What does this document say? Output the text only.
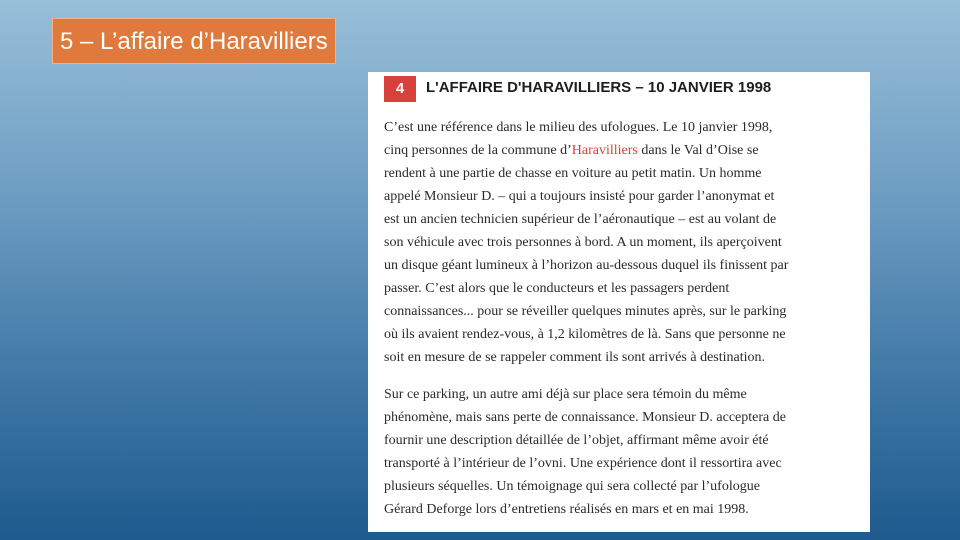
5 – L’affaire d’Haravilliers
4	L'AFFAIRE D'HARAVILLIERS – 10 JANVIER 1998

C’est une référence dans le milieu des ufologues. Le 10 janvier 1998,
cinq personnes de la commune d’Haravilliers dans le Val d’Oise se
rendent à une partie de chasse en voiture au petit matin. Un homme
appelé Monsieur D. – qui a toujours insisté pour garder l’anonymat et
est un ancien technicien supérieur de l’aéronautique – est au volant de
son véhicule avec trois personnes à bord. A un moment, ils aperçoivent
un disque géant lumineux à l’horizon au-dessous duquel ils finissent par
passer. C’est alors que le conducteurs et les passagers perdent
connaissances... pour se réveiller quelques minutes après, sur le parking
où ils avaient rendez-vous, à 1,2 kilomètres de là. Sans que personne ne
soit en mesure de se rappeler comment ils sont arrivés à destination.

Sur ce parking, un autre ami déjà sur place sera témoin du même
phénomène, mais sans perte de connaissance. Monsieur D. acceptera de
fournir une description détaillée de l’objet, affirmant même avoir été
transporté à l’intérieur de l’ovni. Une expérience dont il ressortira avec
plusieurs séquelles. Un témoignage qui sera collecté par l’ufologue
Gérard Deforge lors d’entretiens réalisés en mars et en mai 1998.
